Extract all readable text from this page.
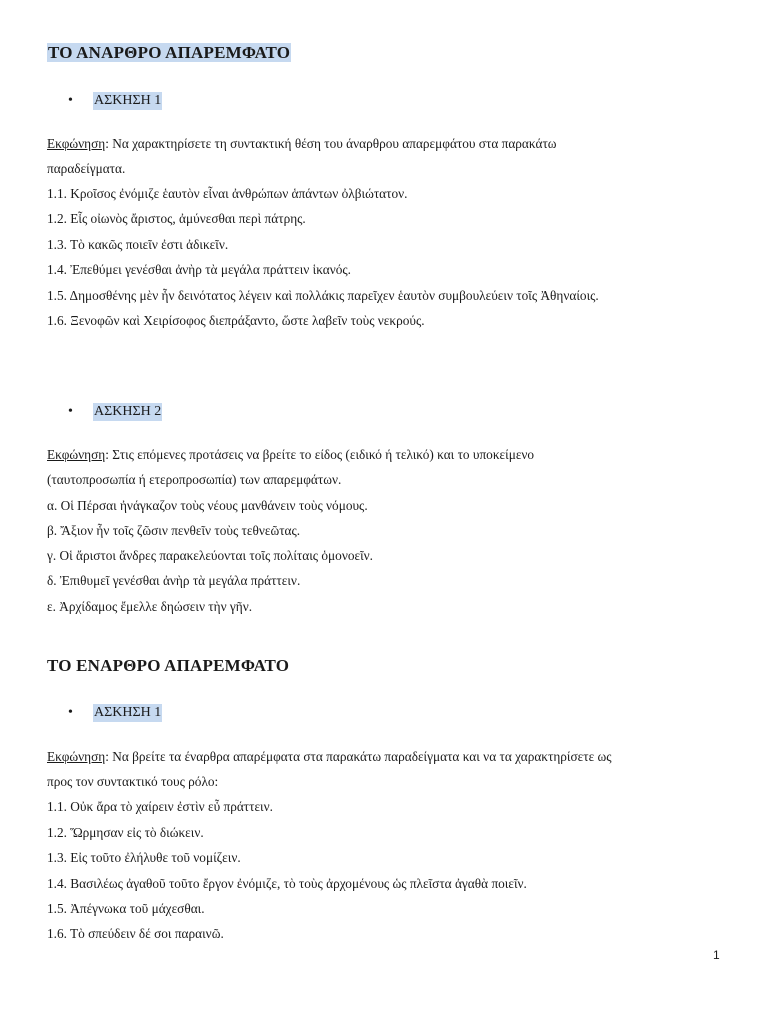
ΤΟ ΑΝΑΡΘΡΟ ΑΠΑΡΕΜΦΑΤΟ
• ΑΣΚΗΣΗ 1
Εκφώνηση: Να χαρακτηρίσετε τη συντακτική θέση του άναρθρου απαρεμφάτου στα παρακάτω
παραδείγματα.
1.1. Κροῖσος ἐνόμιζε ἑαυτὸν εἶναι ἀνθρώπων ἁπάντων ὀλβιώτατον.
1.2. Εἷς οἰωνὸς ἄριστος, ἀμύνεσθαι περὶ πάτρης.
1.3. Τὸ κακῶς ποιεῖν ἐστι ἀδικεῖν.
1.4. Ἐπεθύμει γενέσθαι ἀνὴρ τὰ μεγάλα πράττειν ἱκανός.
1.5. Δημοσθένης μὲν ἦν δεινότατος λέγειν καὶ πολλάκις παρεῖχεν ἑαυτὸν συμβουλεύειν τοῖς Ἀθηναίοις.
1.6. Ξενοφῶν καὶ Χειρίσοφος διεπράξαντο, ὥστε λαβεῖν τοὺς νεκρούς.
• ΑΣΚΗΣΗ 2
Εκφώνηση: Στις επόμενες προτάσεις να βρείτε το είδος (ειδικό ή τελικό) και το υποκείμενο
(ταυτοπροσωπία ή ετεροπροσωπία) των απαρεμφάτων.
α. Οἱ Πέρσαι ἠνάγκαζον τοὺς νέους μανθάνειν τοὺς νόμους.
β. Ἄξιον ἦν τοῖς ζῶσιν πενθεῖν τοὺς τεθνεῶτας.
γ. Οἱ ἄριστοι ἄνδρες παρακελεύονται τοῖς πολίταις ὁμονοεῖν.
δ. Ἐπιθυμεῖ γενέσθαι ἀνὴρ τὰ μεγάλα πράττειν.
ε. Ἀρχίδαμος ἔμελλε δηώσειν τὴν γῆν.
ΤΟ ΕΝΑΡΘΡΟ ΑΠΑΡΕΜΦΑΤΟ
• ΑΣΚΗΣΗ 1
Εκφώνηση: Να βρείτε τα έναρθρα απαρέμφατα στα παρακάτω παραδείγματα και να τα χαρακτηρίσετε ως
προς τον συντακτικό τους ρόλο:
1.1. Οὐκ ἄρα τὸ χαίρειν ἐστὶν εὖ πράττειν.
1.2. Ὥρμησαν εἰς τὸ διώκειν.
1.3. Εἰς τοῦτο ἐλήλυθε τοῦ νομίζειν.
1.4. Βασιλέως ἀγαθοῦ τοῦτο ἔργον ἐνόμιζε, τὸ τοὺς ἀρχομένους ὡς πλεῖστα ἀγαθὰ ποιεῖν.
1.5. Ἀπέγνωκα τοῦ μάχεσθαι.
1.6. Τὸ σπεύδειν δέ σοι παραινῶ.
1
